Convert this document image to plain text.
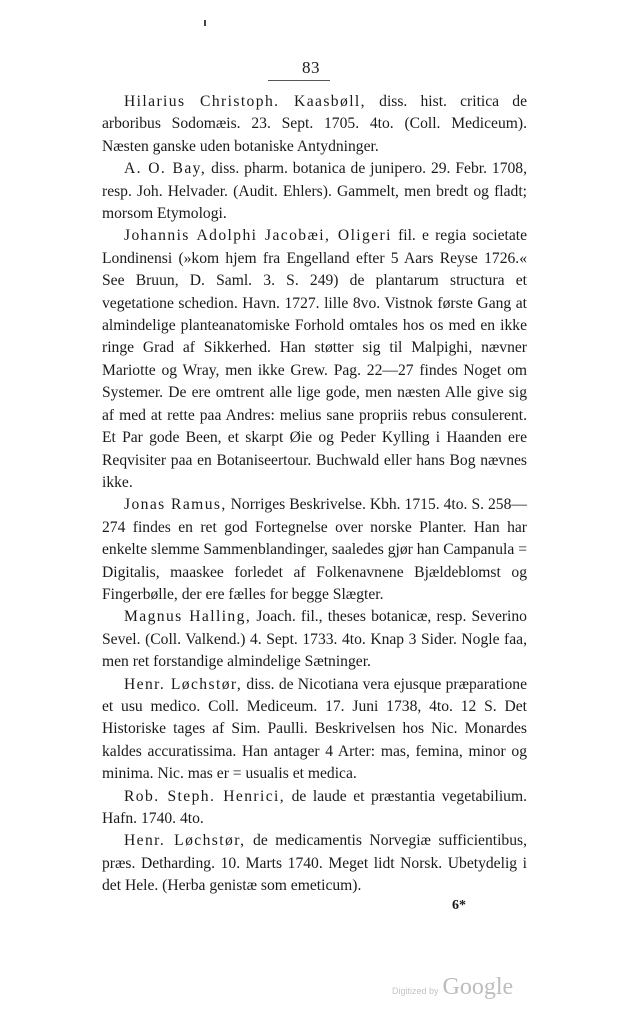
83

Hilarius Christoph. Kaasbøll, diss. hist. critica de arboribus Sodomæis. 23. Sept. 1705. 4to. (Coll. Mediceum). Næsten ganske uden botaniske Antydninger.

A. O. Bay, diss. pharm. botanica de junipero. 29. Febr. 1708, resp. Joh. Helvader. (Audit. Ehlers). Gammelt, men bredt og fladt; morsom Etymologi.

Johannis Adolphi Jacobæi, Oligeri fil. e regia societate Londinensi (»kom hjem fra Engelland efter 5 Aars Reyse 1726.« See Bruun, D. Saml. 3. S. 249) de plantarum structura et vegetatione schedion. Havn. 1727. lille 8vo. Vistnok første Gang at almindelige planteanatomiske Forhold omtales hos os med en ikke ringe Grad af Sikkerhed. Han støtter sig til Malpighi, nævner Mariotte og Wray, men ikke Grew. Pag. 22—27 findes Noget om Systemer. De ere omtrent alle lige gode, men næsten Alle give sig af med at rette paa Andres: melius sane propriis rebus consulerent. Et Par gode Been, et skarpt Øie og Peder Kylling i Haanden ere Reqvisiter paa en Botaniseertour. Buchwald eller hans Bog nævnes ikke.

Jonas Ramus, Norriges Beskrivelse. Kbh. 1715. 4to. S. 258—274 findes en ret god Fortegnelse over norske Planter. Han har enkelte slemme Sammenblandinger, saaledes gjør han Campanula = Digitalis, maaskee forledet af Folkenavnene Bjældeblomst og Fingerbølle, der ere fælles for begge Slægter.

Magnus Halling, Joach. fil., theses botanicæ, resp. Severino Sevel. (Coll. Valkend.) 4. Sept. 1733. 4to. Knap 3 Sider. Nogle faa, men ret forstandige almindelige Sætninger.

Henr. Løchstør, diss. de Nicotiana vera ejusque præparatione et usu medico. Coll. Mediceum. 17. Juni 1738, 4to. 12 S. Det Historiske tages af Sim. Paulli. Beskrivelsen hos Nic. Monardes kaldes accuratissima. Han antager 4 Arter: mas, femina, minor og minima. Nic. mas er = usualis et medica.

Rob. Steph. Henrici, de laude et præstantia vegetabilium. Hafn. 1740. 4to.

Henr. Løchstør, de medicamentis Norvegiæ sufficientibus, præs. Detharding. 10. Marts 1740. Meget lidt Norsk. Ubetydelig i det Hele. (Herba genistæ som emeticum).

6*
Digitized by Google
